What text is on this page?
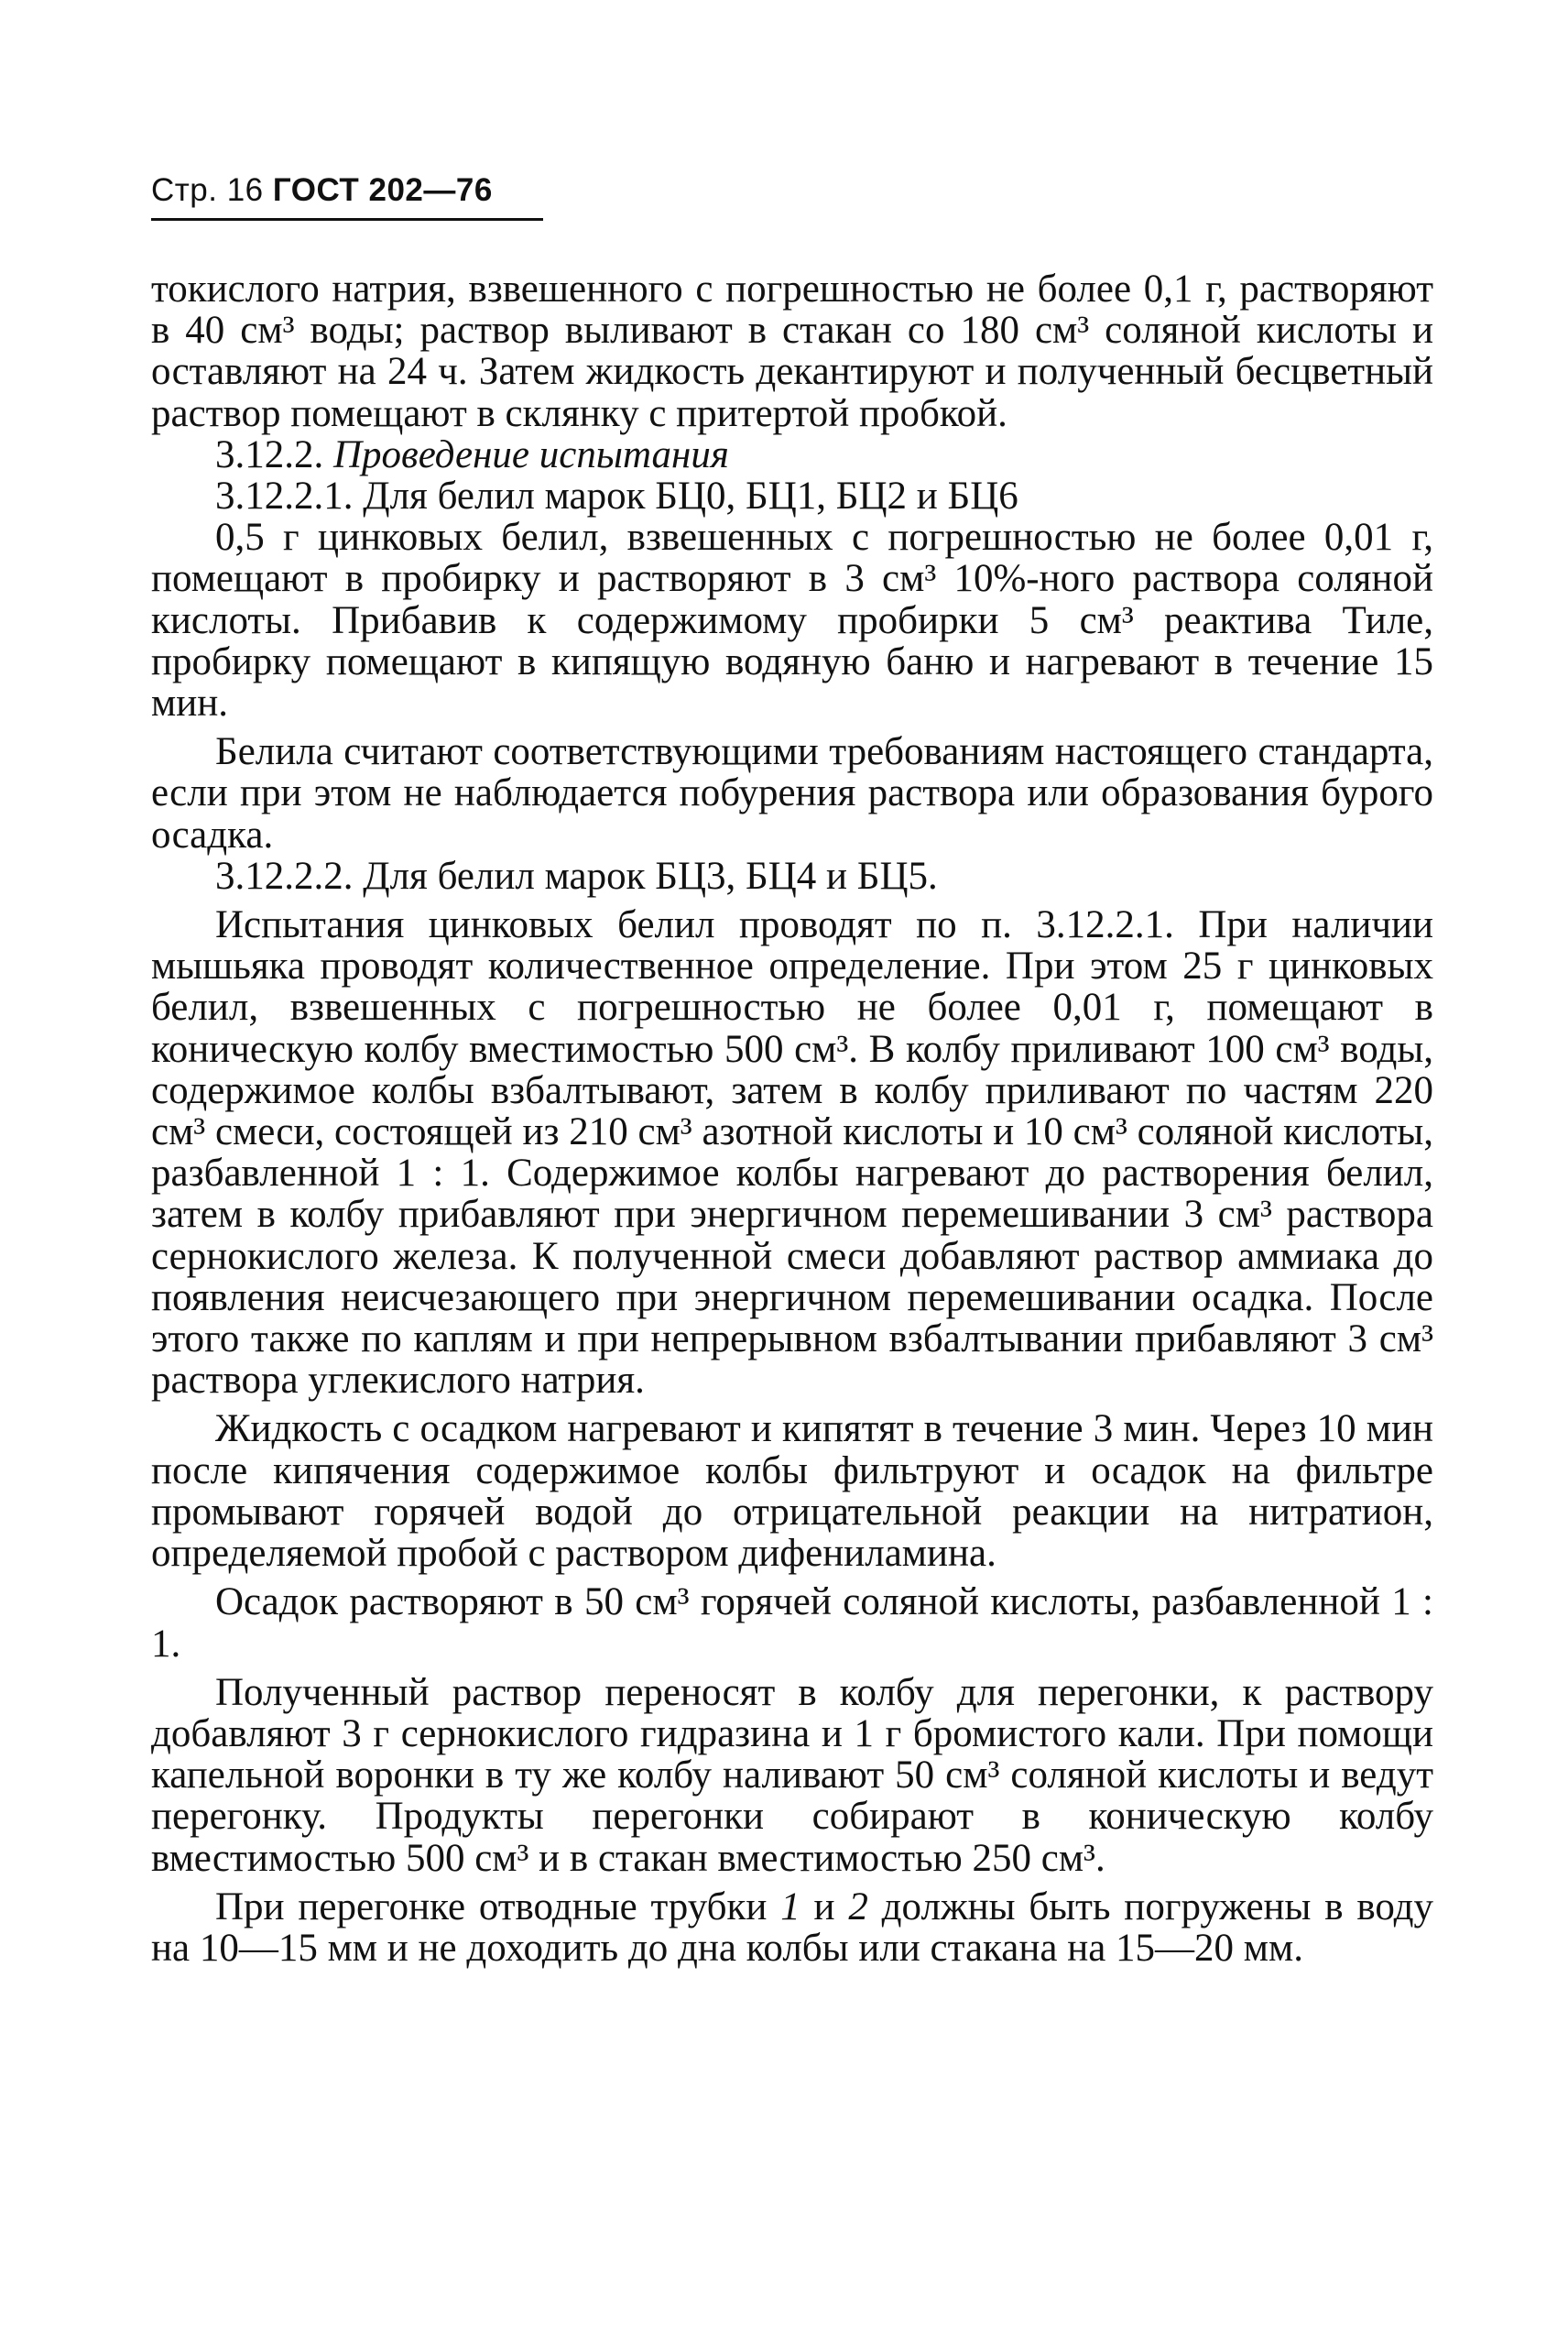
Стр. 16 ГОСТ 202—76

токислого натрия, взвешенного с погрешностью не более 0,1 г, растворяют в 40 см³ воды; раствор выливают в стакан со 180 см³ соляной кислоты и оставляют на 24 ч. Затем жидкость декантируют и полученный бесцветный раствор помещают в склянку с притертой пробкой.

3.12.2. Проведение испытания

3.12.2.1. Для белил марок БЦ0, БЦ1, БЦ2 и БЦ6

0,5 г цинковых белил, взвешенных с погрешностью не более 0,01 г, помещают в пробирку и растворяют в 3 см³ 10%-ного раствора соляной кислоты. Прибавив к содержимому пробирки 5 см³ реактива Тиле, пробирку помещают в кипящую водяную баню и нагревают в течение 15 мин.

Белила считают соответствующими требованиям настоящего стандарта, если при этом не наблюдается побурения раствора или образования бурого осадка.

3.12.2.2. Для белил марок БЦ3, БЦ4 и БЦ5.

Испытания цинковых белил проводят по п. 3.12.2.1. При наличии мышьяка проводят количественное определение. При этом 25 г цинковых белил, взвешенных с погрешностью не более 0,01 г, помещают в коническую колбу вместимостью 500 см³. В колбу приливают 100 см³ воды, содержимое колбы взбалтывают, затем в колбу приливают по частям 220 см³ смеси, состоящей из 210 см³ азотной кислоты и 10 см³ соляной кислоты, разбавленной 1 : 1. Содержимое колбы нагревают до растворения белил, затем в колбу прибавляют при энергичном перемешивании 3 см³ раствора сернокислого железа. К полученной смеси добавляют раствор аммиака до появления неисчезающего при энергичном перемешивании осадка. После этого также по каплям и при непрерывном взбалтывании прибавляют 3 см³ раствора углекислого натрия.

Жидкость с осадком нагревают и кипятят в течение 3 мин. Через 10 мин после кипячения содержимое колбы фильтруют и осадок на фильтре промывают горячей водой до отрицательной реакции на нитратион, определяемой пробой с раствором дифениламина.

Осадок растворяют в 50 см³ горячей соляной кислоты, разбавленной 1 : 1.

Полученный раствор переносят в колбу для перегонки, к раствору добавляют 3 г сернокислого гидразина и 1 г бромистого кали. При помощи капельной воронки в ту же колбу наливают 50 см³ соляной кислоты и ведут перегонку. Продукты перегонки собирают в коническую колбу вместимостью 500 см³ и в стакан вместимостью 250 см³.

При перегонке отводные трубки 1 и 2 должны быть погружены в воду на 10—15 мм и не доходить до дна колбы или стакана на 15—20 мм.
